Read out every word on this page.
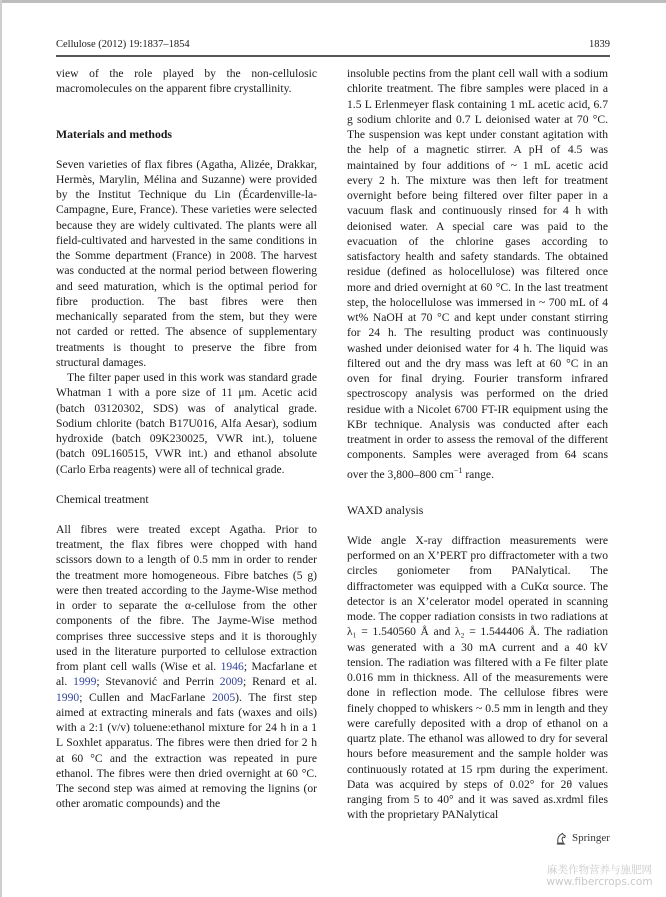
Cellulose (2012) 19:1837–1854	1839

view of the role played by the non-cellulosic macromolecules on the apparent fibre crystallinity.

Materials and methods

Seven varieties of flax fibres (Agatha, Alizée, Drakkar, Hermès, Marylin, Mélina and Suzanne) were provided by the Institut Technique du Lin (Écardenville-la-Campagne, Eure, France). These varieties were selected because they are widely cultivated. The plants were all field-cultivated and harvested in the same conditions in the Somme department (France) in 2008. The harvest was conducted at the normal period between flowering and seed maturation, which is the optimal period for fibre production. The bast fibres were then mechanically separated from the stem, but they were not carded or retted. The absence of supplementary treatments is thought to preserve the fibre from structural damages.

The filter paper used in this work was standard grade Whatman 1 with a pore size of 11 μm. Acetic acid (batch 03120302, SDS) was of analytical grade. Sodium chlorite (batch B17U016, Alfa Aesar), sodium hydroxide (batch 09K230025, VWR int.), toluene (batch 09L160515, VWR int.) and ethanol absolute (Carlo Erba reagents) were all of technical grade.

Chemical treatment

All fibres were treated except Agatha. Prior to treatment, the flax fibres were chopped with hand scissors down to a length of 0.5 mm in order to render the treatment more homogeneous. Fibre batches (5 g) were then treated according to the Jayme-Wise method in order to separate the α-cellulose from the other components of the fibre. The Jayme-Wise method comprises three successive steps and it is thoroughly used in the literature purported to cellulose extraction from plant cell walls (Wise et al. 1946; Macfarlane et al. 1999; Stevanović and Perrin 2009; Renard et al. 1990; Cullen and MacFarlane 2005). The first step aimed at extracting minerals and fats (waxes and oils) with a 2:1 (v/v) toluene:ethanol mixture for 24 h in a 1 L Soxhlet apparatus. The fibres were then dried for 2 h at 60 °C and the extraction was repeated in pure ethanol. The fibres were then dried overnight at 60 °C. The second step was aimed at removing the lignins (or other aromatic compounds) and the

insoluble pectins from the plant cell wall with a sodium chlorite treatment. The fibre samples were placed in a 1.5 L Erlenmeyer flask containing 1 mL acetic acid, 6.7 g sodium chlorite and 0.7 L deionised water at 70 °C. The suspension was kept under constant agitation with the help of a magnetic stirrer. A pH of 4.5 was maintained by four additions of ~ 1 mL acetic acid every 2 h. The mixture was then left for treatment overnight before being filtered over filter paper in a vacuum flask and continuously rinsed for 4 h with deionised water. A special care was paid to the evacuation of the chlorine gases according to satisfactory health and safety standards. The obtained residue (defined as holocellulose) was filtered once more and dried overnight at 60 °C. In the last treatment step, the holocellulose was immersed in ~ 700 mL of 4 wt% NaOH at 70 °C and kept under constant stirring for 24 h. The resulting product was continuously washed under deionised water for 4 h. The liquid was filtered out and the dry mass was left at 60 °C in an oven for final drying. Fourier transform infrared spectroscopy analysis was performed on the dried residue with a Nicolet 6700 FT-IR equipment using the KBr technique. Analysis was conducted after each treatment in order to assess the removal of the different components. Samples were averaged from 64 scans over the 3,800–800 $cm^{-1}$ range.

WAXD analysis

Wide angle X-ray diffraction measurements were performed on an X’PERT pro diffractometer with a two circles goniometer from PANalytical. The diffractometer was equipped with a CuKα source. The detector is an X’celerator model operated in scanning mode. The copper radiation consists in two radiations at λ₁ = 1.540560 Å and λ₂ = 1.544406 Å. The radiation was generated with a 30 mA current and a 40 kV tension. The radiation was filtered with a Fe filter plate 0.016 mm in thickness. All of the measurements were done in reflection mode. The cellulose fibres were finely chopped to whiskers ~ 0.5 mm in length and they were carefully deposited with a drop of ethanol on a quartz plate. The ethanol was allowed to dry for several hours before measurement and the sample holder was continuously rotated at 15 rpm during the experiment. Data was acquired by steps of 0.02° for 2θ values ranging from 5 to 40° and it was saved as.xrdml files with the proprietary PANalytical

Springer
麻类作物营养与施肥网
www.fibercrops.com
